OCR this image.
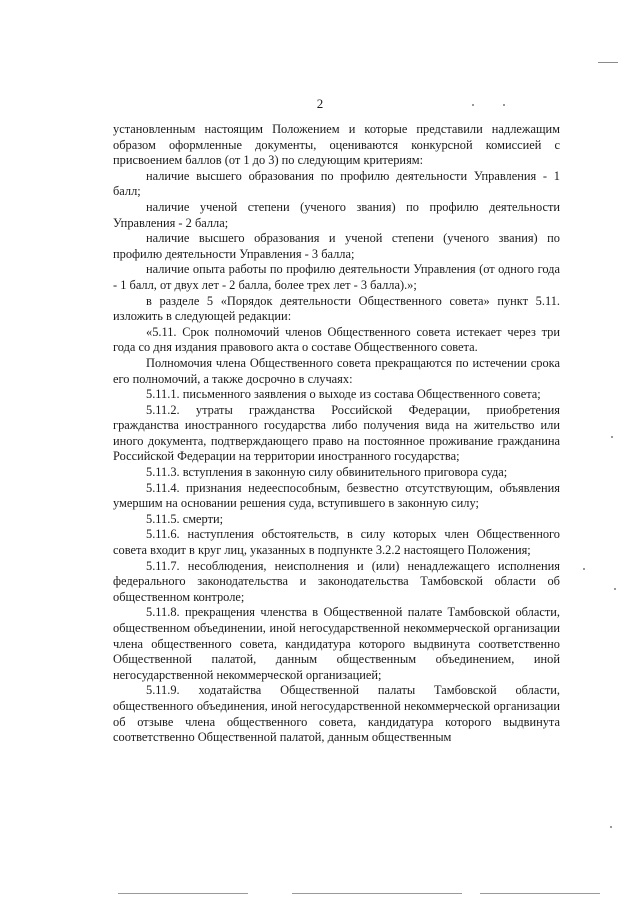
2

установленным настоящим Положением и которые представили надлежащим образом оформленные документы, оцениваются конкурсной комиссией с присвоением баллов (от 1 до 3) по следующим критериям:

наличие высшего образования по профилю деятельности Управления - 1 балл;

наличие ученой степени (ученого звания) по профилю деятельности Управления - 2 балла;

наличие высшего образования и ученой степени (ученого звания) по профилю деятельности Управления - 3 балла;

наличие опыта работы по профилю деятельности Управления (от одного года - 1 балл, от двух лет - 2 балла, более трех лет - 3 балла).»;

в разделе 5 «Порядок деятельности Общественного совета» пункт 5.11. изложить в следующей редакции:

«5.11. Срок полномочий членов Общественного совета истекает через три года со дня издания правового акта о составе Общественного совета.

Полномочия члена Общественного совета прекращаются по истечении срока его полномочий, а также досрочно в случаях:

5.11.1. письменного заявления о выходе из состава Общественного совета;

5.11.2. утраты гражданства Российской Федерации, приобретения гражданства иностранного государства либо получения вида на жительство или иного документа, подтверждающего право на постоянное проживание гражданина Российской Федерации на территории иностранного государства;

5.11.3. вступления в законную силу обвинительного приговора суда;

5.11.4. признания недееспособным, безвестно отсутствующим, объявления умершим на основании решения суда, вступившего в законную силу;

5.11.5. смерти;

5.11.6. наступления обстоятельств, в силу которых член Общественного совета входит в круг лиц, указанных в подпункте 3.2.2 настоящего Положения;

5.11.7. несоблюдения, неисполнения и (или) ненадлежащего исполнения федерального законодательства и законодательства Тамбовской области об общественном контроле;

5.11.8. прекращения членства в Общественной палате Тамбовской области, общественном объединении, иной негосударственной некоммерческой организации члена общественного совета, кандидатура которого выдвинута соответственно Общественной палатой, данным общественным объединением, иной негосударственной некоммерческой организацией;

5.11.9. ходатайства Общественной палаты Тамбовской области, общественного объединения, иной негосударственной некоммерческой организации об отзыве члена общественного совета, кандидатура которого выдвинута соответственно Общественной палатой, данным общественным
